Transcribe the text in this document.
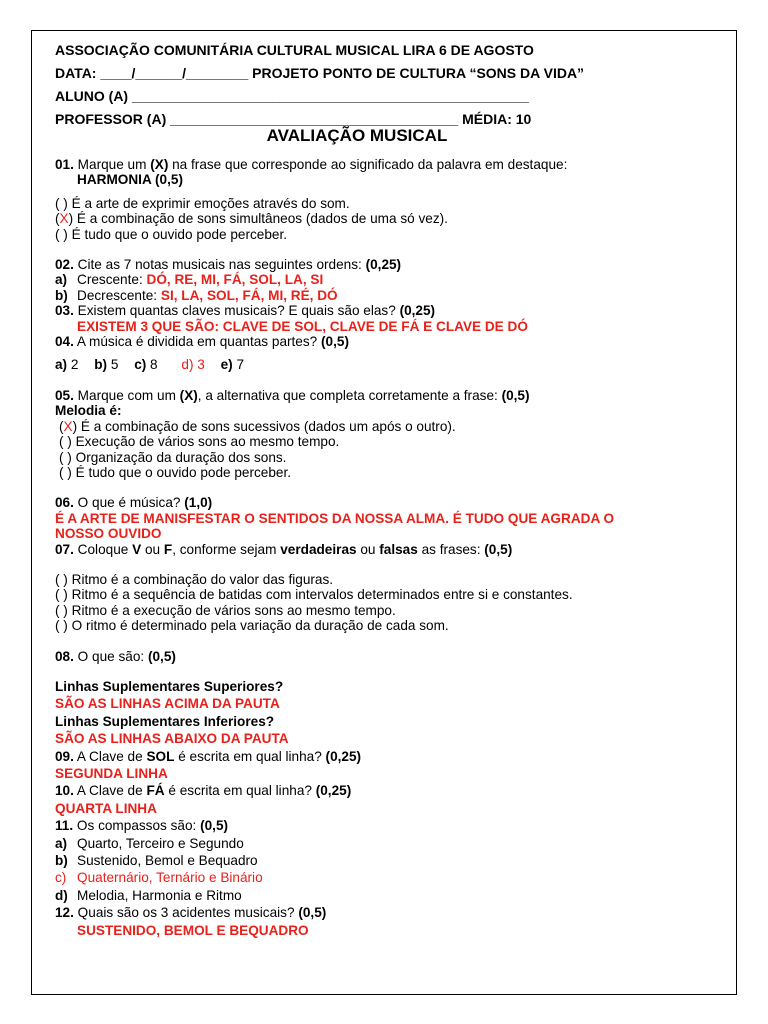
ASSOCIAÇÃO COMUNITÁRIA CULTURAL MUSICAL LIRA 6 DE AGOSTO
DATA: ____/______/________ PROJETO PONTO DE CULTURA “SONS DA VIDA”
ALUNO (A) ___________________________________________________
PROFESSOR (A) _____________________________________ MÉDIA: 10
AVALIAÇÃO MUSICAL
01. Marque um (X) na frase que corresponde ao significado da palavra em destaque:
HARMONIA (0,5)
( ) É a arte de exprimir emoções através do som.
(X) É a combinação de sons simultâneos (dados de uma só vez).
( ) É tudo que o ouvido pode perceber.
02. Cite as 7 notas musicais nas seguintes ordens: (0,25)
a) Crescente: DÓ, RE, MI, FÁ, SOL, LA, SI
b) Decrescente: SI, LA, SOL, FÁ, MI, RÉ, DÓ
03. Existem quantas claves musicais? E quais são elas? (0,25)
EXISTEM 3 QUE SÃO: CLAVE DE SOL, CLAVE DE FÁ E CLAVE DE DÓ
04. A música é dividida em quantas partes? (0,5)
a) 2 b) 5 c) 8 d) 3 e) 7
05. Marque com um (X), a alternativa que completa corretamente a frase: (0,5)
Melodia é:
(X) É a combinação de sons sucessivos (dados um após o outro).
( ) Execução de vários sons ao mesmo tempo.
( ) Organização da duração dos sons.
( ) É tudo que o ouvido pode perceber.
06. O que é música? (1,0)
É A ARTE DE MANISFESTAR O SENTIDOS DA NOSSA ALMA. É TUDO QUE AGRADA O
NOSSO OUVIDO
07. Coloque V ou F, conforme sejam verdadeiras ou falsas as frases: (0,5)
( ) Ritmo é a combinação do valor das figuras.
( ) Ritmo é a sequência de batidas com intervalos determinados entre si e constantes.
( ) Ritmo é a execução de vários sons ao mesmo tempo.
( ) O ritmo é determinado pela variação da duração de cada som.
08. O que são: (0,5)
Linhas Suplementares Superiores?
SÃO AS LINHAS ACIMA DA PAUTA
Linhas Suplementares Inferiores?
SÃO AS LINHAS ABAIXO DA PAUTA
09. A Clave de SOL é escrita em qual linha? (0,25)
SEGUNDA LINHA
10. A Clave de FÁ é escrita em qual linha? (0,25)
QUARTA LINHA
11. Os compassos são: (0,5)
a) Quarto, Terceiro e Segundo
b) Sustenido, Bemol e Bequadro
c) Quaternário, Ternário e Binário
d) Melodia, Harmonia e Ritmo
12. Quais são os 3 acidentes musicais? (0,5)
SUSTENIDO, BEMOL E BEQUADRO
